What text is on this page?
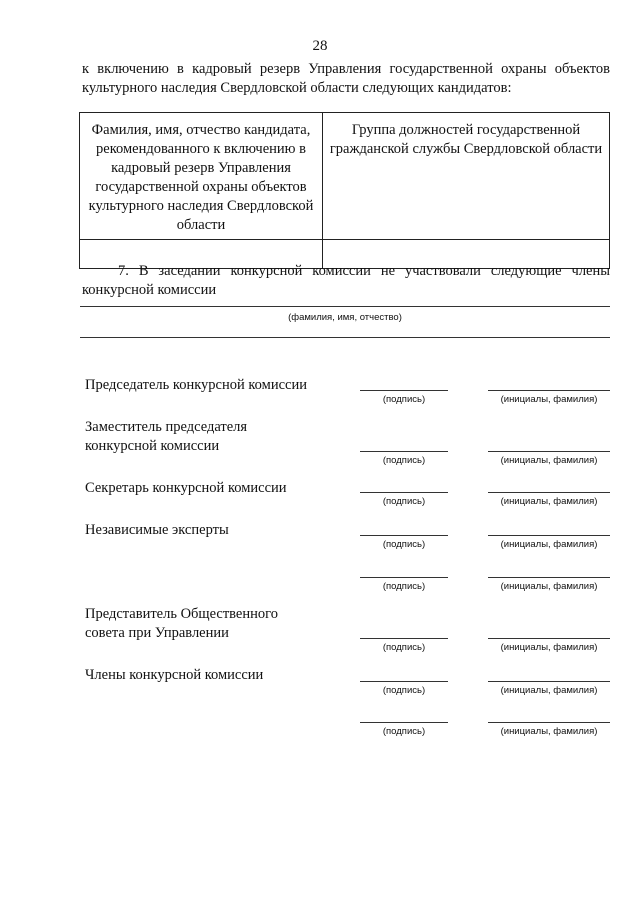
28
к включению в кадровый резерв Управления государственной охраны объектов культурного наследия Свердловской области следующих кандидатов:
Фамилия, имя, отчество кандидата, рекомендованного к включению в кадровый резерв Управления государственной охраны объектов культурного наследия Свердловской области	Группа должностей государственной гражданской службы Свердловской области

7. В заседании конкурсной комиссии не участвовали следующие члены конкурсной комиссии
(фамилия, имя, отчество)
Председатель конкурсной комиссии
(подпись)	(инициалы, фамилия)
Заместитель председателя
конкурсной комиссии
(подпись)	(инициалы, фамилия)
Секретарь конкурсной комиссии
(подпись)	(инициалы, фамилия)
Независимые эксперты
(подпись)	(инициалы, фамилия)
(подпись)	(инициалы, фамилия)
Представитель Общественного
совета при Управлении
(подпись)	(инициалы, фамилия)
Члены конкурсной комиссии
(подпись)	(инициалы, фамилия)
(подпись)	(инициалы, фамилия)
